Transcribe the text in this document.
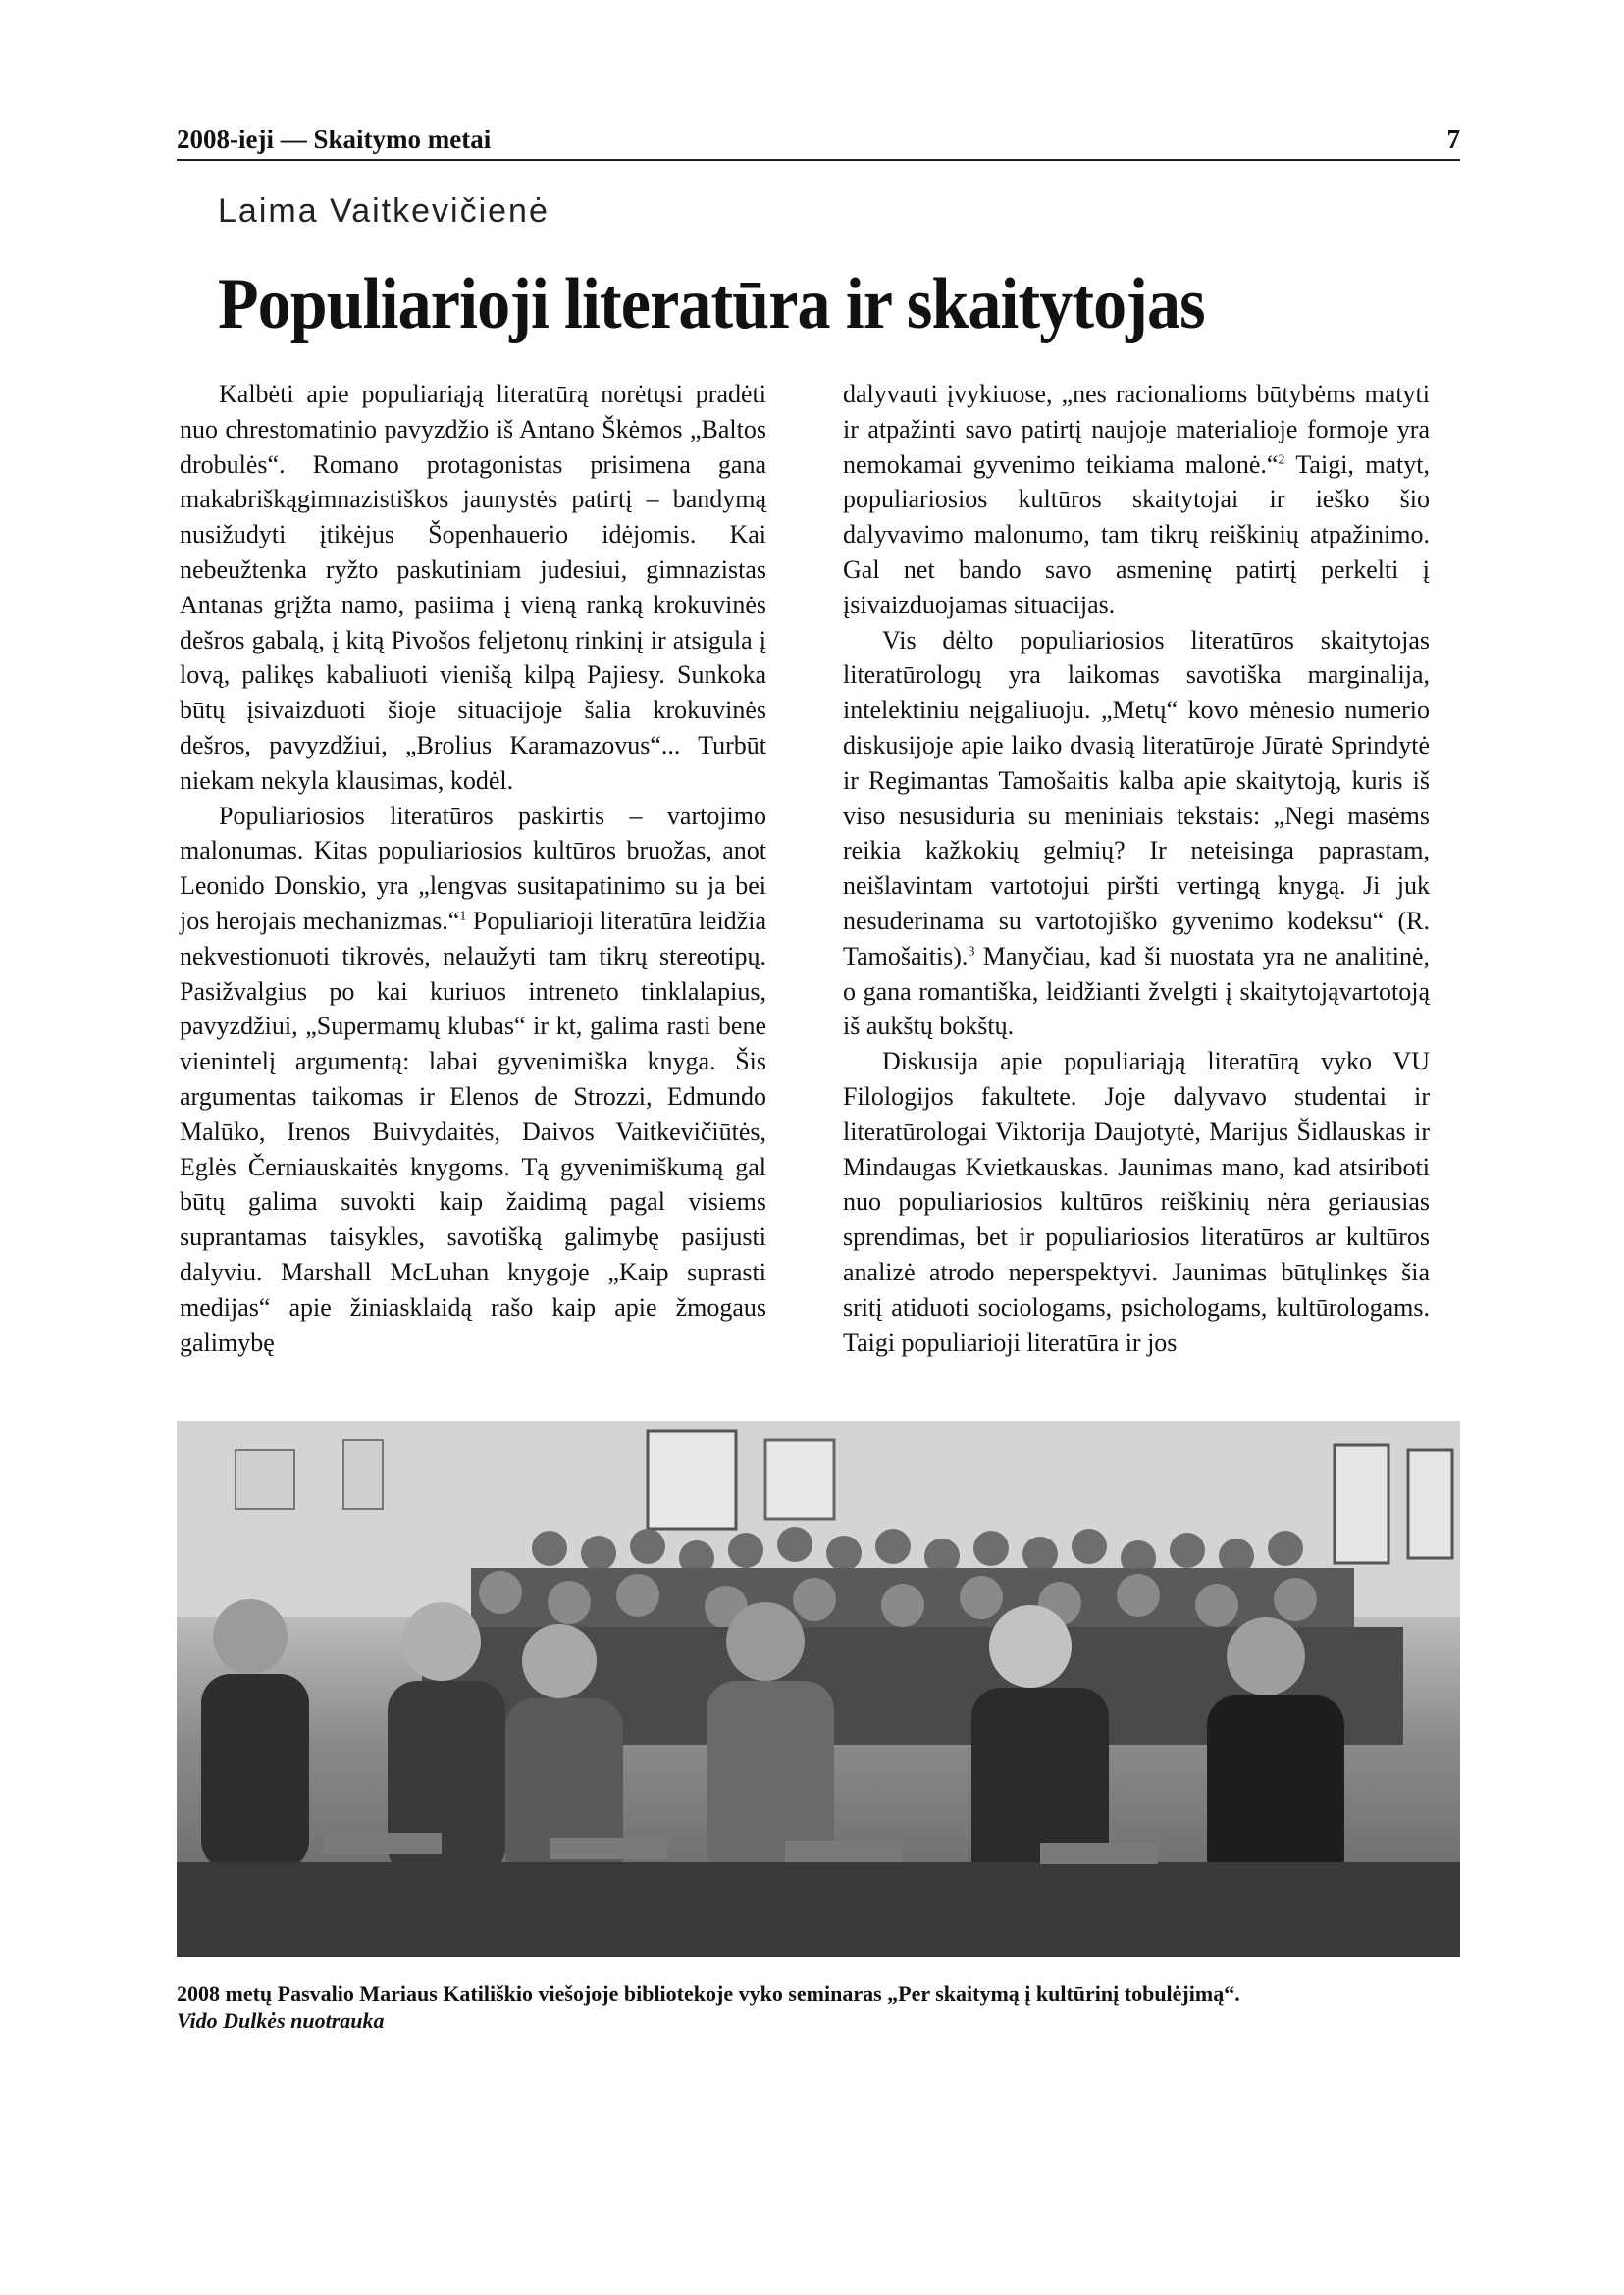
2008-ieji — Skaitymo metai	7
Laima Vaitkevičienė
Populiarioji literatūra ir skaitytojas

Kalbėti apie populiariąją literatūrą norėtųsi pradėti nuo chrestomatinio pavyzdžio iš Antano Škėmos „Baltos drobulės“. Romano protagonistas prisimena gana makabriškągimnazistiškos jaunystės patirtį – bandymą nusižudyti įtikėjus Šopenhauerio idėjomis. Kai nebeužtenka ryžto paskutiniam judesiui, gimnazistas Antanas grįžta namo, pasiima į vieną ranką krokuvinės dešros gabalą, į kitą Pivošos feljetonų rinkinį ir atsigula į lovą, palikęs kabaliuoti vienišą kilpą Pajiesy. Sunkoka būtų įsivaizduoti šioje situacijoje šalia krokuvinės dešros, pavyzdžiui, „Brolius Karamazovus“... Turbūt niekam nekyla klausimas, kodėl.

Populiariosios literatūros paskirtis – vartojimo malonumas. Kitas populiariosios kultūros bruožas, anot Leonido Donskio, yra „lengvas susitapatinimo su ja bei jos herojais mechanizmas.“$^1$ Populiarioji literatūra leidžia nekvestionuoti tikrovės, nelaužyti tam tikrų stereotipų. Pasižvalgius po kai kuriuos intreneto tinklalapius, pavyzdžiui, „Supermamų klubas“ ir kt, galima rasti bene vienintelį argumentą: labai gyvenimiška knyga. Šis argumentas taikomas ir Elenos de Strozzi, Edmundo Malūko, Irenos Buivydaitės, Daivos Vaitkevičiūtės, Eglės Černiauskaitės knygoms. Tą gyvenimiškumą gal būtų galima suvokti kaip žaidimą pagal visiems suprantamas taisykles, savotišką galimybę pasijusti dalyviu. Marshall McLuhan knygoje „Kaip suprasti medijas“ apie žiniasklaidą rašo kaip apie žmogaus galimybę

dalyvauti įvykiuose, „nes racionalioms būtybėms matyti ir atpažinti savo patirtį naujoje materialioje formoje yra nemokamai gyvenimo teikiama malonė.“$^2$ Taigi, matyt, populiariosios kultūros skaitytojai ir ieško šio dalyvavimo malonumo, tam tikrų reiškinių atpažinimo. Gal net bando savo asmeninę patirtį perkelti į įsivaizduojamas situacijas.

Vis dėlto populiariosios literatūros skaitytojas literatūrologų yra laikomas savotiška marginalija, intelektiniu neįgaliuoju. „Metų“ kovo mėnesio numerio diskusijoje apie laiko dvasią literatūroje Jūratė Sprindytė ir Regimantas Tamošaitis kalba apie skaitytoją, kuris iš viso nesusiduria su meniniais tekstais: „Negi masėms reikia kažkokių gelmių? Ir neteisinga paprastam, neišlavintam vartotojui piršti vertingą knygą. Ji juk nesuderinama su vartotojiško gyvenimo kodeksu“ (R. Tamošaitis).$^3$ Manyčiau, kad ši nuostata yra ne analitinė, o gana romantiška, leidžianti žvelgti į skaitytojąvartotoją iš aukštų bokštų.

Diskusija apie populiariąją literatūrą vyko VU Filologijos fakultete. Joje dalyvavo studentai ir literatūrologai Viktorija Daujotytė, Marijus Šidlauskas ir Mindaugas Kvietkauskas. Jaunimas mano, kad atsiriboti nuo populiariosios kultūros reiškinių nėra geriausias sprendimas, bet ir populiariosios literatūros ar kultūros analizė atrodo neperspektyvi. Jaunimas būtųlinkęs šia sritį atiduoti sociologams, psichologams, kultūrologams. Taigi populiarioji literatūra ir jos

2008 metų Pasvalio Mariaus Katiliškio viešojoje bibliotekoje vyko seminaras „Per skaitymą į kultūrinį tobulėjimą“.
Vido Dulkės nuotrauka
